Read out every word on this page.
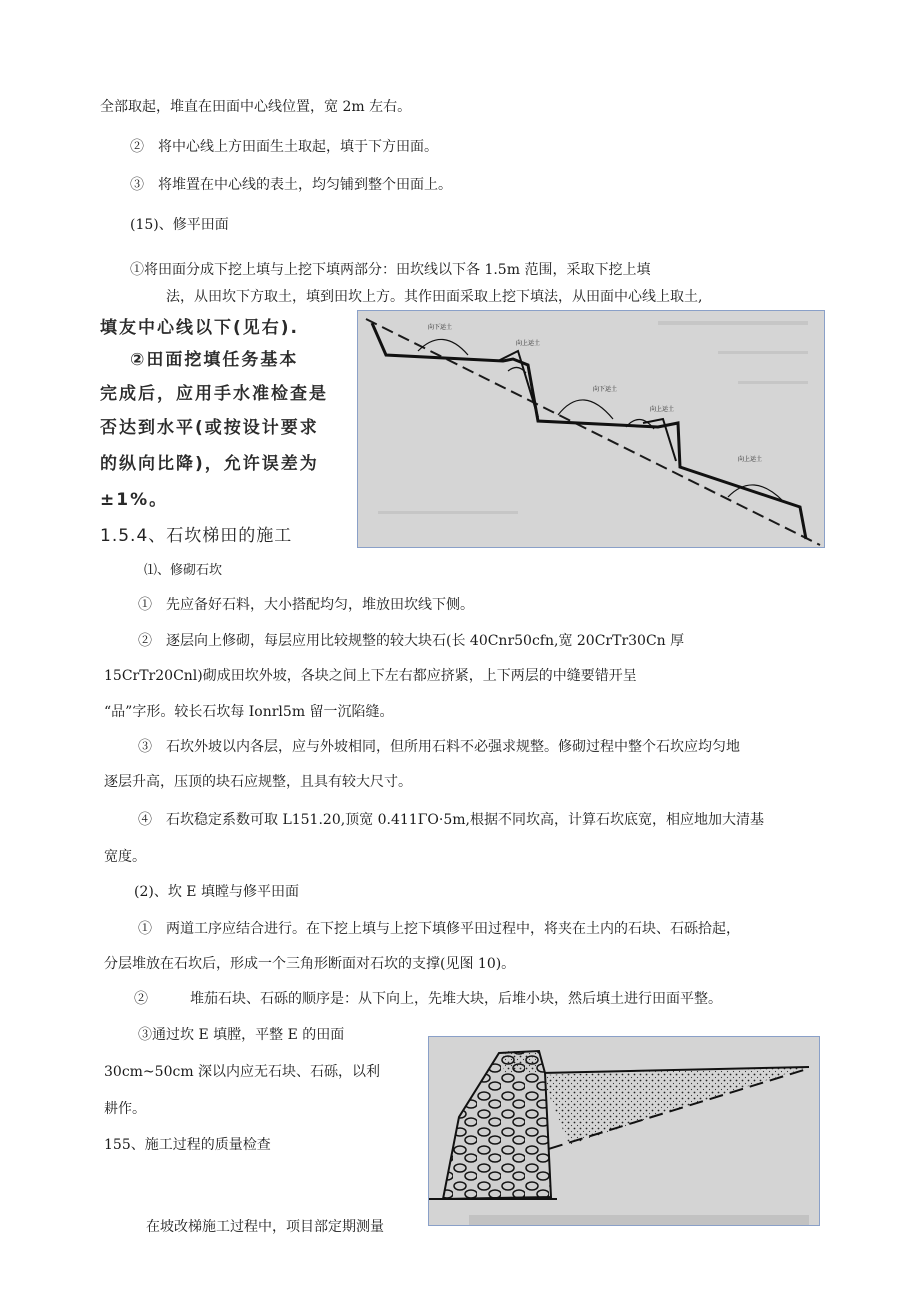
全部取起，堆直在田面中心线位置，宽 2m 左右。
②　将中心线上方田面生土取起，填于下方田面。
③　将堆置在中心线的表土，均匀铺到整个田面上。
(15)、修平田面
①将田面分成下挖上填与上挖下填两部分：田坎线以下各 1.5m 范围，采取下挖上填
法，从田坎下方取土，填到田坎上方。其作田面采取上挖下填法，从田面中心线上取土,
填友中心线以下(见右).
②田面挖填任务基本
完成后，应用手水准检查是
否达到水平(或按设计要求
的纵向比降)，允许误差为
±1%。
1.5.4、石坎梯田的施工
向下运土
向上运土
向下运土
向上运土
向上运土
⑴、修砌石坎
①　先应备好石料，大小搭配均匀，堆放田坎线下侧。
②　逐层向上修砌，每层应用比较规整的较大块石(长 40Cnr50cfn,宽 20CrTr30Cn 厚
15CrTr20Cnl)砌成田坎外坡，各块之间上下左右都应挤紧，上下两层的中缝要错开呈
“品”字形。较长石坎每 Ionrl5m 留一沉陷缝。
③　石坎外坡以内各层，应与外坡相同，但所用石料不必强求规整。修砌过程中整个石坎应均匀地
逐层升高，压顶的块石应规整，且具有较大尺寸。
④　石坎稳定系数可取 L151.20,顶宽 0.411ΓO·5m,根据不同坎高，计算石坎底宽，相应地加大清基
宽度。
(2)、坎 E 填瞠与修平田面
①　两道工序应结合进行。在下挖上填与上挖下填修平田过程中，将夹在土内的石块、石砾拾起，
分层堆放在石坎后，形成一个三角形断面对石坎的支撑(见图 10)。
②　　　堆茄石块、石砾的顺序是：从下向上，先堆大块，后堆小块，然后填土进行田面平整。
③通过坎 E 填膛，平整 E 的田面
30cm~50cm 深以内应无石块、石砾，以利
耕作。
155、施工过程的质量检查
在坡改梯施工过程中，项目部定期测量
